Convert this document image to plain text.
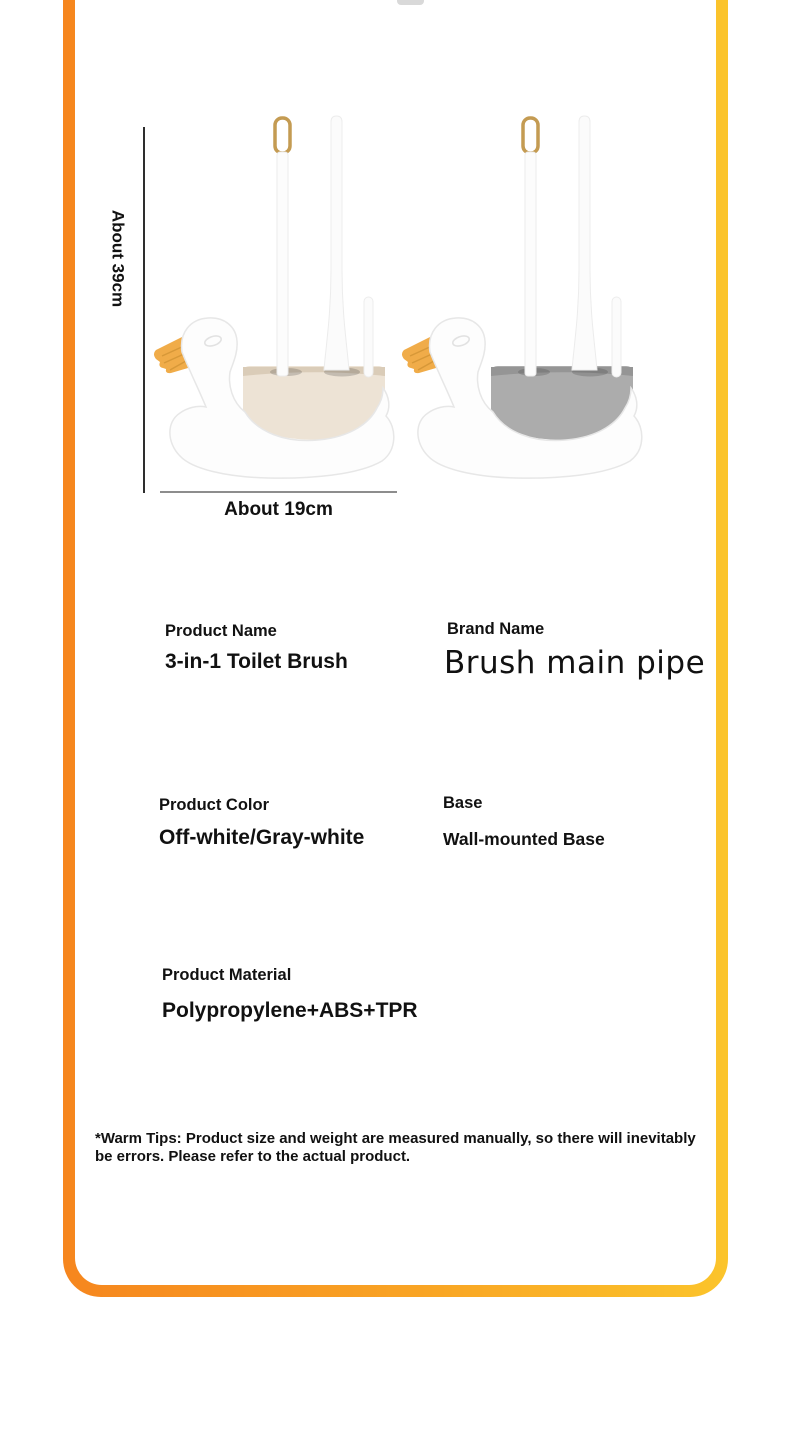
About 39cm
About 19cm
Product Name
3-in-1 Toilet Brush
Brand Name
Brush main pipe
Product Color
Off-white/Gray-white
Base
Wall-mounted Base
Product Material
Polypropylene+ABS+TPR
*Warm Tips: Product size and weight are measured manually, so there will inevitably be errors. Please refer to the actual product.
